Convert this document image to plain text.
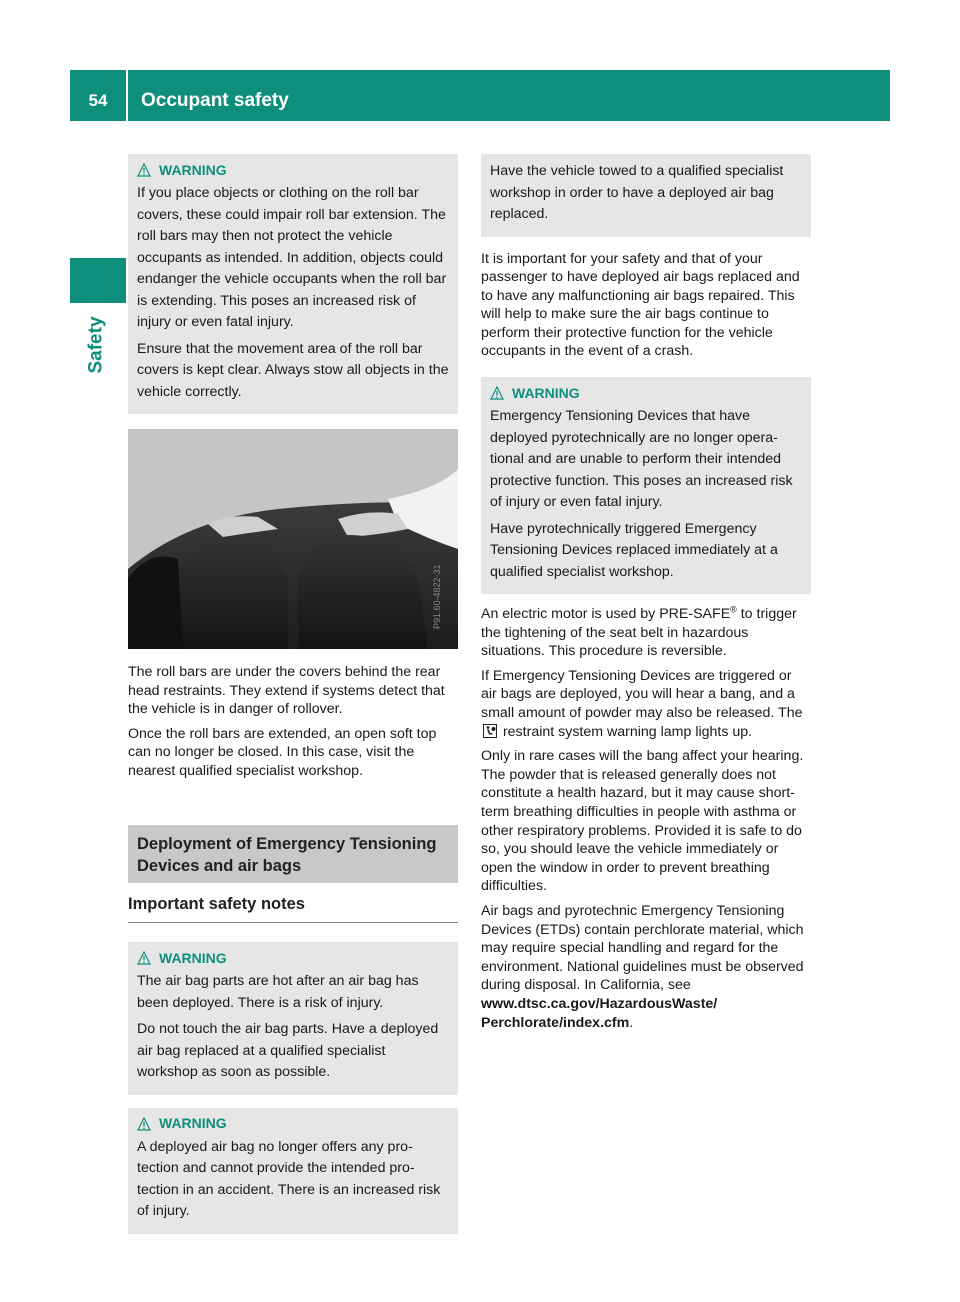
54	Occupant safety
Safety
WARNING

If you place objects or clothing on the roll bar covers, these could impair roll bar extension. The roll bars may then not protect the vehicle occupants as intended. In addition, objects could endanger the vehicle occupants when the roll bar is extending. This poses an increased risk of injury or even fatal injury.

Ensure that the movement area of the roll bar covers is kept clear. Always stow all objects in the vehicle correctly.

P91.60-4822-31

The roll bars are under the covers behind the rear head restraints. They extend if systems detect that the vehicle is in danger of rollover.

Once the roll bars are extended, an open soft top can no longer be closed. In this case, visit the nearest qualified specialist workshop.

Deployment of Emergency Tensioning Devices and air bags
Important safety notes
WARNING

The air bag parts are hot after an air bag has been deployed. There is a risk of injury.

Do not touch the air bag parts. Have a deployed air bag replaced at a qualified specialist workshop as soon as possible.

WARNING

A deployed air bag no longer offers any protection and cannot provide the intended protection in an accident. There is an increased risk of injury.

Have the vehicle towed to a qualified specialist workshop in order to have a deployed air bag replaced.

It is important for your safety and that of your passenger to have deployed air bags replaced and to have any malfunctioning air bags repaired. This will help to make sure the air bags continue to perform their protective function for the vehicle occupants in the event of a crash.

WARNING

Emergency Tensioning Devices that have deployed pyrotechnically are no longer operational and are unable to perform their intended protective function. This poses an increased risk of injury or even fatal injury.

Have pyrotechnically triggered Emergency Tensioning Devices replaced immediately at a qualified specialist workshop.

An electric motor is used by PRE-SAFE® to trigger the tightening of the seat belt in hazardous situations. This procedure is reversible.

If Emergency Tensioning Devices are triggered or air bags are deployed, you will hear a bang, and a small amount of powder may also be released. The  restraint system warning lamp lights up.

Only in rare cases will the bang affect your hearing. The powder that is released generally does not constitute a health hazard, but it may cause short-term breathing difficulties in people with asthma or other respiratory problems. Provided it is safe to do so, you should leave the vehicle immediately or open the window in order to prevent breathing difficulties.

Air bags and pyrotechnic Emergency Tensioning Devices (ETDs) contain perchlorate material, which may require special handling and regard for the environment. National guidelines must be observed during disposal. In California, see www.dtsc.ca.gov/HazardousWaste/ Perchlorate/index.cfm.
